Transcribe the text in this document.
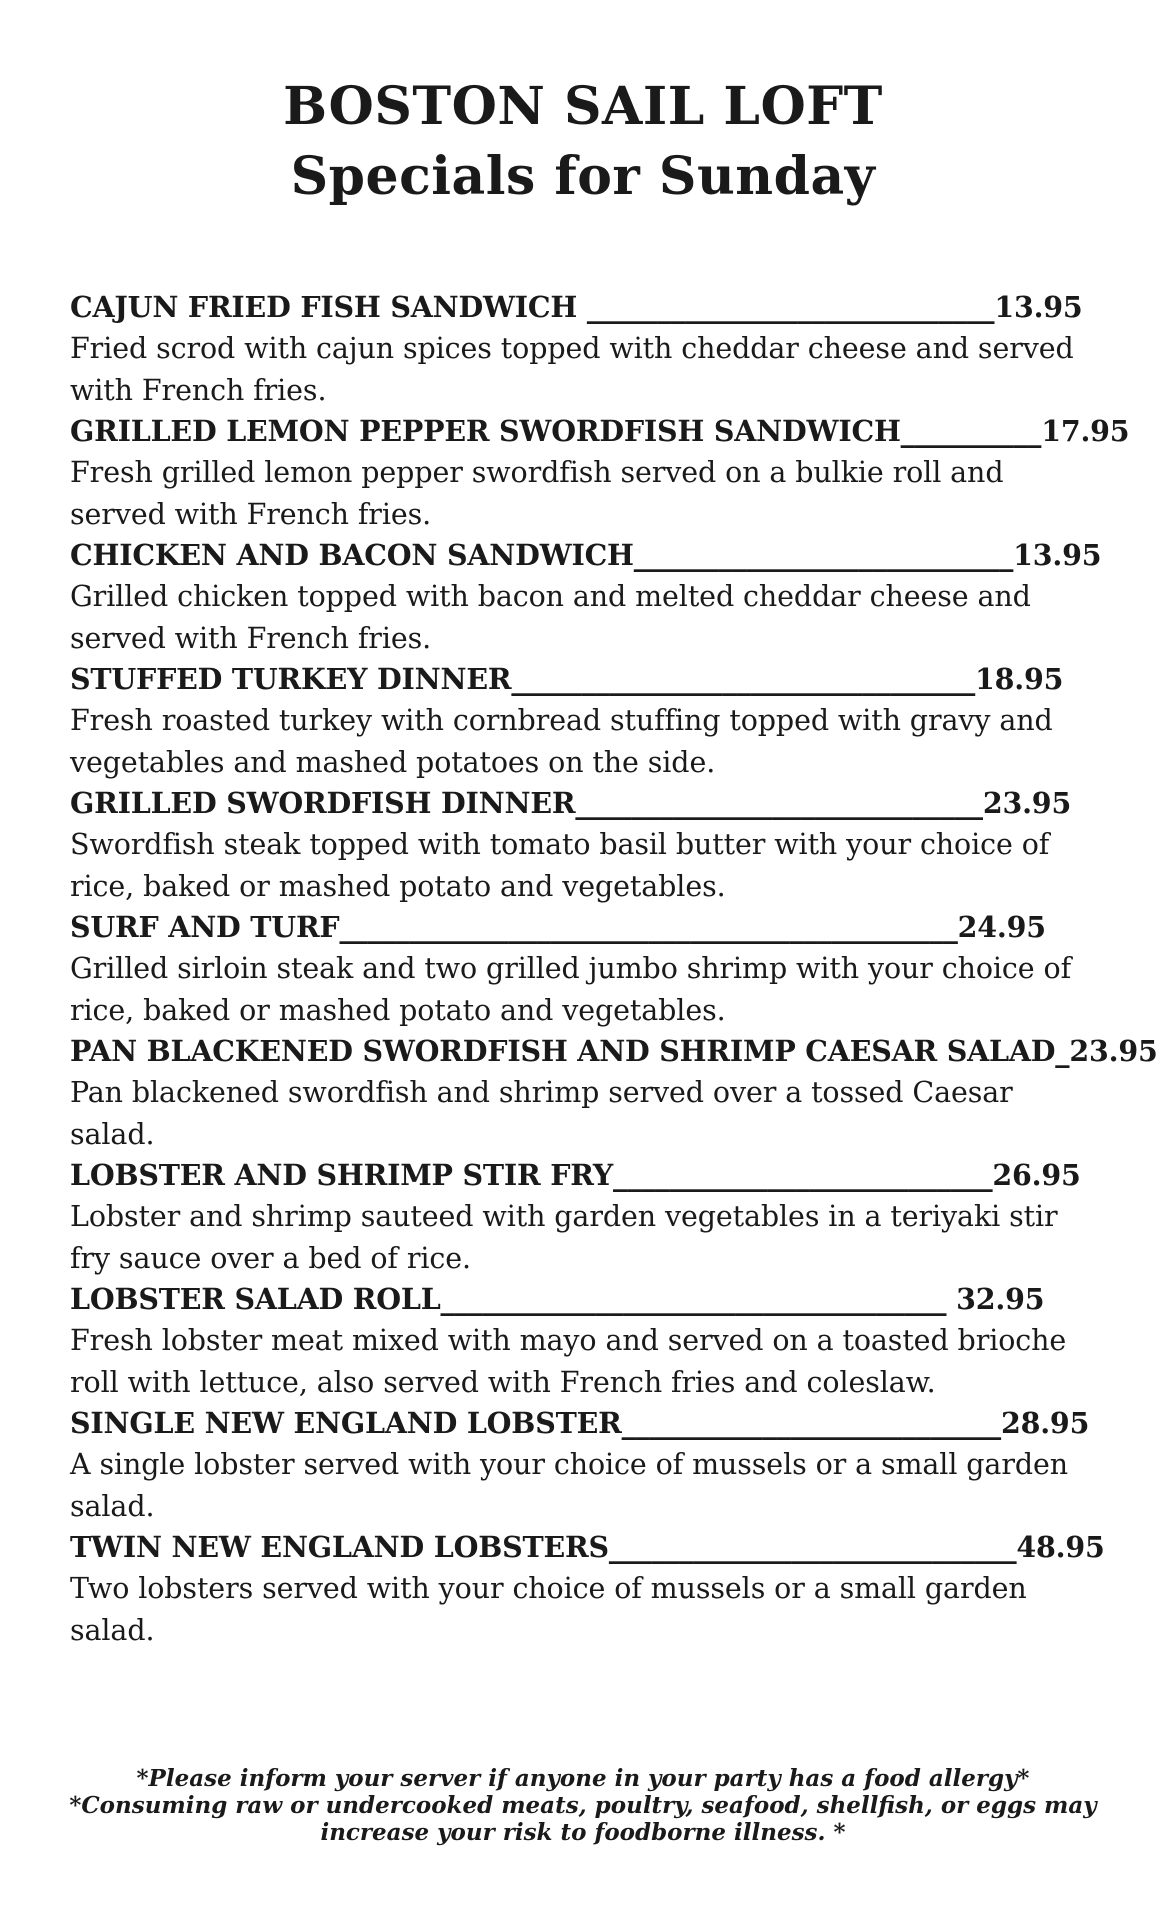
BOSTON SAIL LOFT
Specials for Sunday
CAJUN FRIED FISH SANDWICH _____________________________13.95
Fried scrod with cajun spices topped with cheddar cheese and served with French fries.
GRILLED LEMON PEPPER SWORDFISH SANDWICH__________17.95
Fresh grilled lemon pepper swordfish served on a bulkie roll and served with French fries.
CHICKEN AND BACON SANDWICH___________________________13.95
Grilled chicken topped with bacon and melted cheddar cheese and served with French fries.
STUFFED TURKEY DINNER_________________________________18.95
Fresh roasted turkey with cornbread stuffing topped with gravy and vegetables and mashed potatoes on the side.
GRILLED SWORDFISH DINNER_____________________________23.95
Swordfish steak topped with tomato basil butter with your choice of rice, baked or mashed potato and vegetables.
SURF AND TURF____________________________________________24.95
Grilled sirloin steak and two grilled jumbo shrimp with your choice of rice, baked or mashed potato and vegetables.
PAN BLACKENED SWORDFISH AND SHRIMP CAESAR SALAD_23.95
Pan blackened swordfish and shrimp served over a tossed Caesar salad.
LOBSTER AND SHRIMP STIR FRY___________________________26.95
Lobster and shrimp sauteed with garden vegetables in a teriyaki stir fry sauce over a bed of rice.
LOBSTER SALAD ROLL____________________________________ 32.95
Fresh lobster meat mixed with mayo and served on a toasted brioche roll with lettuce, also served with French fries and coleslaw.
SINGLE NEW ENGLAND LOBSTER___________________________28.95
A single lobster served with your choice of mussels or a small garden salad.
TWIN NEW ENGLAND LOBSTERS_____________________________48.95
Two lobsters served with your choice of mussels or a small garden salad.
*Please inform your server if anyone in your party has a food allergy*
*Consuming raw or undercooked meats, poultry, seafood, shellfish, or eggs may
increase your risk to foodborne illness. *
